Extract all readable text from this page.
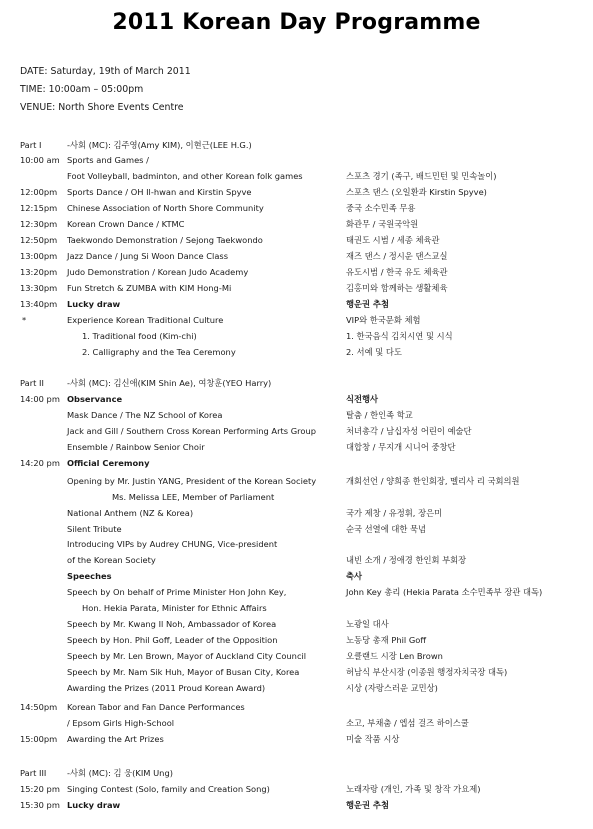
2011 Korean Day Programme
DATE: Saturday, 19th of March 2011
TIME: 10:00am – 05:00pm
VENUE: North Shore Events Centre
Part I	-사회 (MC): 김주영(Amy KIM), 이현근(LEE H.G.)
10:00 am Sports and Games /
Foot Volleyball, badminton, and other Korean folk games	스포츠 경기 (족구, 배드민턴 및 민속놀이)
12:00pm Sports Dance / OH Il-hwan and Kirstin Spyve	스포츠 댄스 (오일환과 Kirstin Spyve)
12:15pm Chinese Association of North Shore Community	중국 소수민족 무용
12:30pm Korean Crown Dance / KTMC	화관무 / 국원국악원
12:50pm Taekwondo Demonstration / Sejong Taekwondo	태권도 시범 / 세종 체육관
13:00pm Jazz Dance / Jung Si Woon Dance Class	재즈 댄스 / 정시운 댄스교실
13:20pm Judo Demonstration / Korean Judo Academy	유도시범 / 한국 유도 체육관
13:30pm Fun Stretch & ZUMBA with KIM Hong-Mi	김홍미와 함께하는 생활체육
13:40pm Lucky draw	행운권 추첨
*	Experience Korean Traditional Culture	VIP와 한국문화 체험
1. Traditional food (Kim-chi)	1. 한국음식 김치시연 및 시식
2. Calligraphy and the Tea Ceremony	2. 서예 및 다도
Part II	-사회 (MC): 김신애(KIM Shin Ae), 여창훈(YEO Harry)
14:00 pm Observance	식전행사
Mask Dance / The NZ School of Korea	탈춤 / 한인족 학교
Jack and Gill / Southern Cross Korean Performing Arts Group	처녀총각 / 남십자성 어린이 예술단
Ensemble / Rainbow Senior Choir	대합창 / 무지개 시니어 중창단
14:20 pm Official Ceremony
Opening by Mr. Justin YANG, President of the Korean Society	개회선언 / 양희종 한인회장, 멜리사 리 국회의원
Ms. Melissa LEE, Member of Parliament
National Anthem (NZ & Korea)	국가 제창 / 유정휘, 장은미
Silent Tribute	순국 선열에 대한 묵념
Introducing VIPs by Audrey CHUNG, Vice-president
of the Korean Society	내빈 소개 / 정애경 한인회 부회장
Speeches	축사
Speech by On behalf of Prime Minister Hon John Key,	John Key 총리 (Hekia Parata 소수민족부 장관 대독)
Hon. Hekia Parata, Minister for Ethnic Affairs
Speech by Mr. Kwang Il Noh, Ambassador of Korea	노광일 대사
Speech by Hon. Phil Goff, Leader of the Opposition	노동당 총재 Phil Goff
Speech by Mr. Len Brown, Mayor of Auckland City Council	오클랜드 시장 Len Brown
Speech by Mr. Nam Sik Huh, Mayor of Busan City, Korea	허남식 부산시장 (이종원 행정자치국장 대독)
Awarding the Prizes (2011 Proud Korean Award)	시상 (자랑스러운 교민상)
14:50pm Korean Tabor and Fan Dance Performances
/ Epsom Girls High-School	소고, 부채춤 / 엡섬 걸즈 하이스쿨
15:00pm Awarding the Art Prizes	미술 작품 시상
Part III -사회 (MC): 김 웅(KIM Ung)
15:20 pm Singing Contest (Solo, family and Creation Song)	노래자랑 (개인, 가족 및 창작 가요제)
15:30 pm Lucky draw	행운권 추첨
